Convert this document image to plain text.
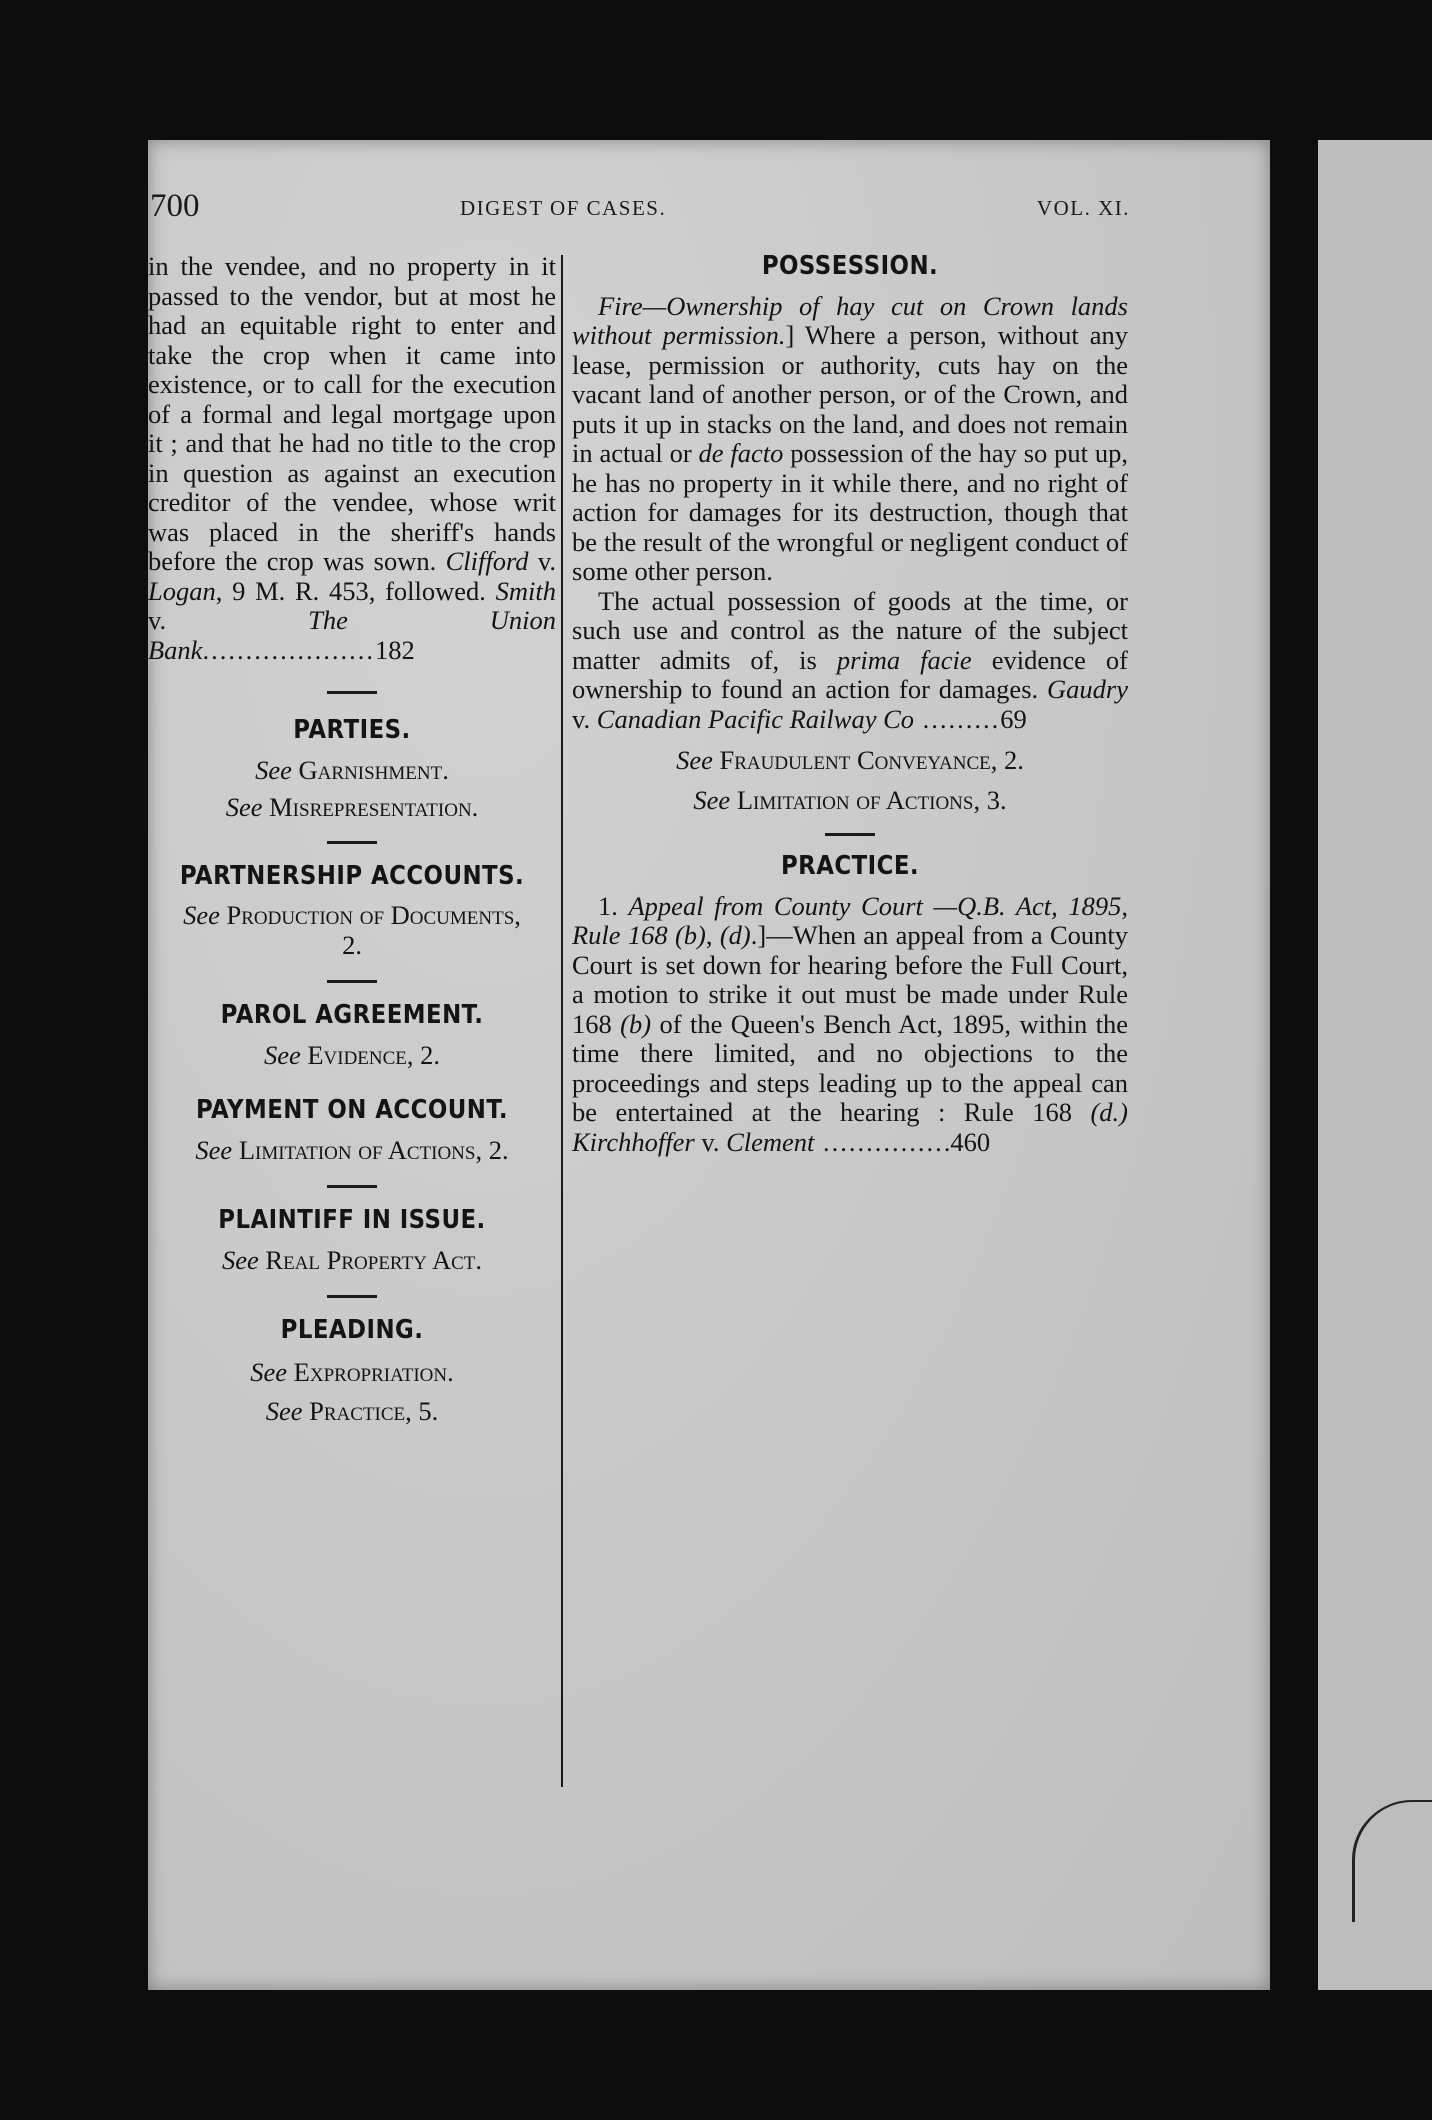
700	DIGEST OF CASES.	VOL. XI.

in the vendee, and no property in it passed to the vendor, but at most he had an equitable right to enter and take the crop when it came into existence, or to call for the execution of a formal and legal mortgage upon it ; and that he had no title to the crop in question as against an execution creditor of the vendee, whose writ was placed in the sheriff's hands before the crop was sown. Clifford v. Logan, 9 M. R. 453, followed. Smith v. The Union Bank....................182

PARTIES.

See Garnishment.

See Misrepresentation.

PARTNERSHIP ACCOUNTS.

See Production of Documents, 2.

PAROL AGREEMENT.

See Evidence, 2.

PAYMENT ON ACCOUNT.

See Limitation of Actions, 2.

PLAINTIFF IN ISSUE.

See Real Property Act.

PLEADING.

See Expropriation.

See Practice, 5.

POSSESSION.

Fire—Ownership of hay cut on Crown lands without permission.] Where a person, without any lease, permission or authority, cuts hay on the vacant land of another person, or of the Crown, and puts it up in stacks on the land, and does not remain in actual or de facto possession of the hay so put up, he has no property in it while there, and no right of action for damages for its destruction, though that be the result of the wrongful or negligent conduct of some other person.

The actual possession of goods at the time, or such use and control as the nature of the subject matter admits of, is prima facie evidence of ownership to found an action for damages. Gaudry v. Canadian Pacific Railway Co .........69

See Fraudulent Conveyance, 2.

See Limitation of Actions, 3.

PRACTICE.

1. Appeal from County Court —Q.B. Act, 1895, Rule 168 (b), (d).]—When an appeal from a County Court is set down for hearing before the Full Court, a motion to strike it out must be made under Rule 168 (b) of the Queen's Bench Act, 1895, within the time there limited, and no objections to the proceedings and steps leading up to the appeal can be entertained at the hearing : Rule 168 (d.) Kirchhoffer v. Clement ...............460
